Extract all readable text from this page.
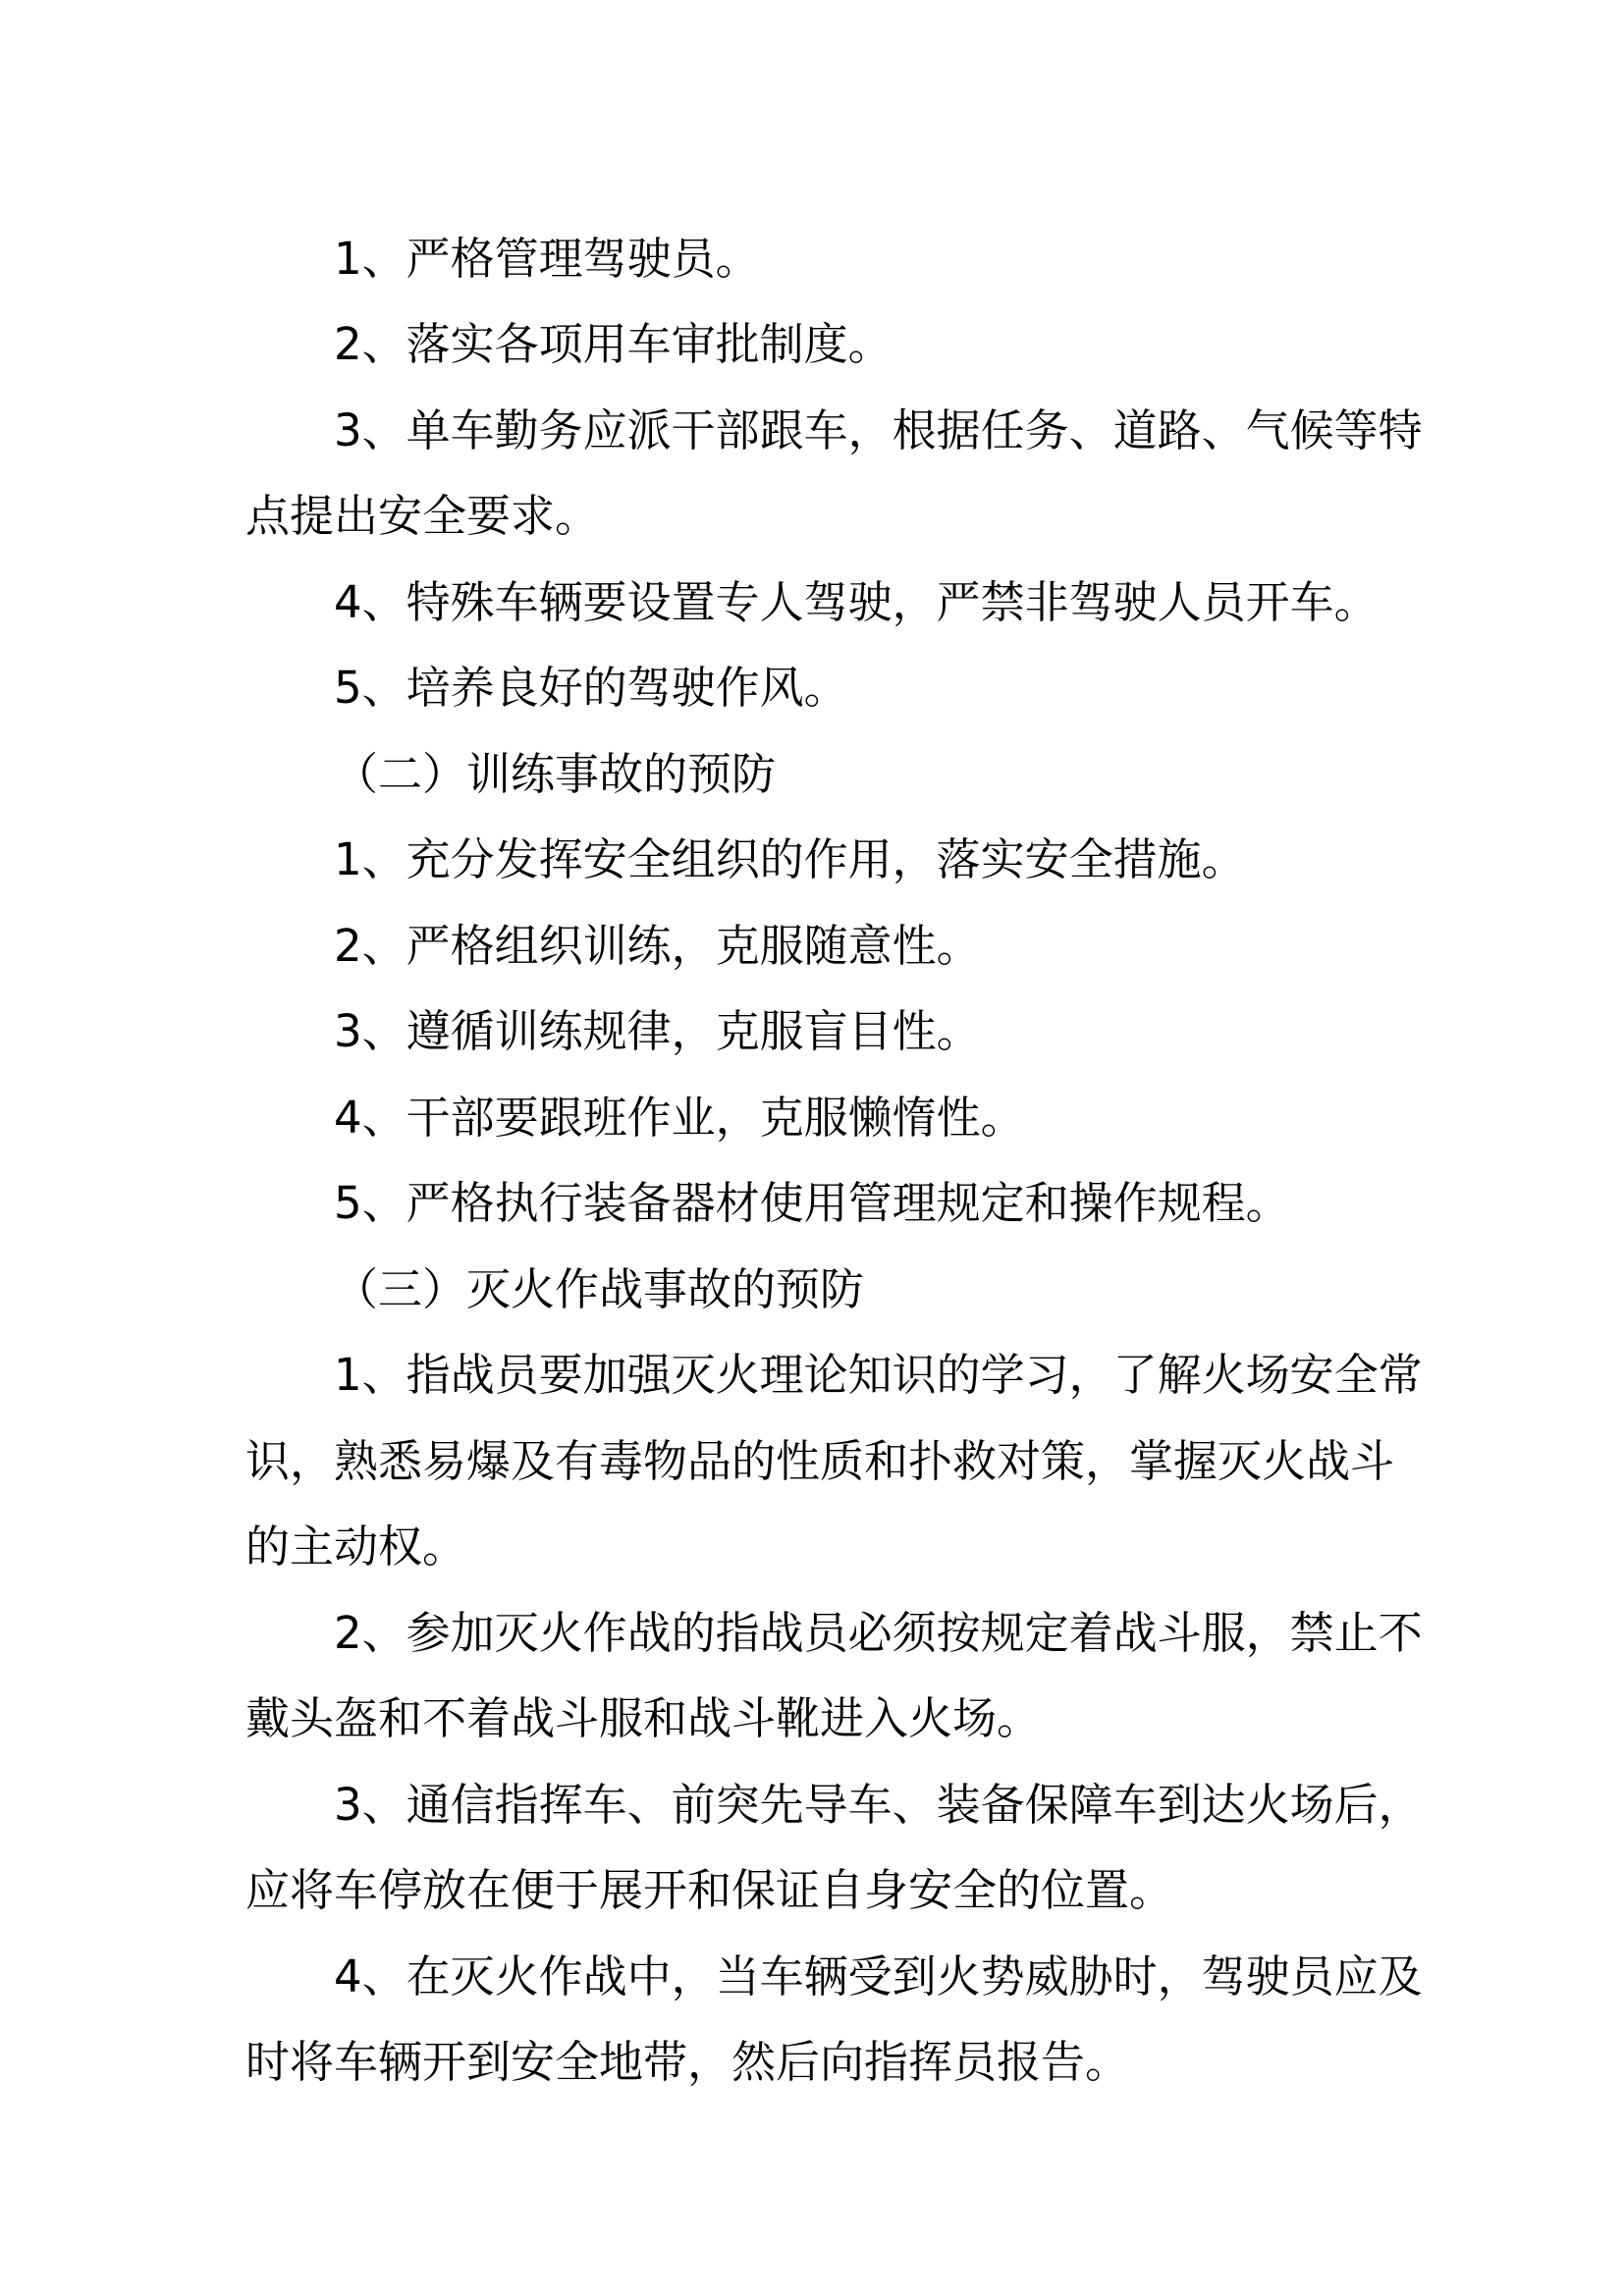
1、严格管理驾驶员。
2、落实各项用车审批制度。
3、单车勤务应派干部跟车，根据任务、道路、气候等特
点提出安全要求。
4、特殊车辆要设置专人驾驶，严禁非驾驶人员开车。
5、培养良好的驾驶作风。
（二）训练事故的预防
1、充分发挥安全组织的作用，落实安全措施。
2、严格组织训练，克服随意性。
3、遵循训练规律，克服盲目性。
4、干部要跟班作业，克服懒惰性。
5、严格执行装备器材使用管理规定和操作规程。
（三）灭火作战事故的预防
1、指战员要加强灭火理论知识的学习，了解火场安全常
识，熟悉易爆及有毒物品的性质和扑救对策，掌握灭火战斗
的主动权。
2、参加灭火作战的指战员必须按规定着战斗服，禁止不
戴头盔和不着战斗服和战斗靴进入火场。
3、通信指挥车、前突先导车、装备保障车到达火场后，
应将车停放在便于展开和保证自身安全的位置。
4、在灭火作战中，当车辆受到火势威胁时，驾驶员应及
时将车辆开到安全地带，然后向指挥员报告。
